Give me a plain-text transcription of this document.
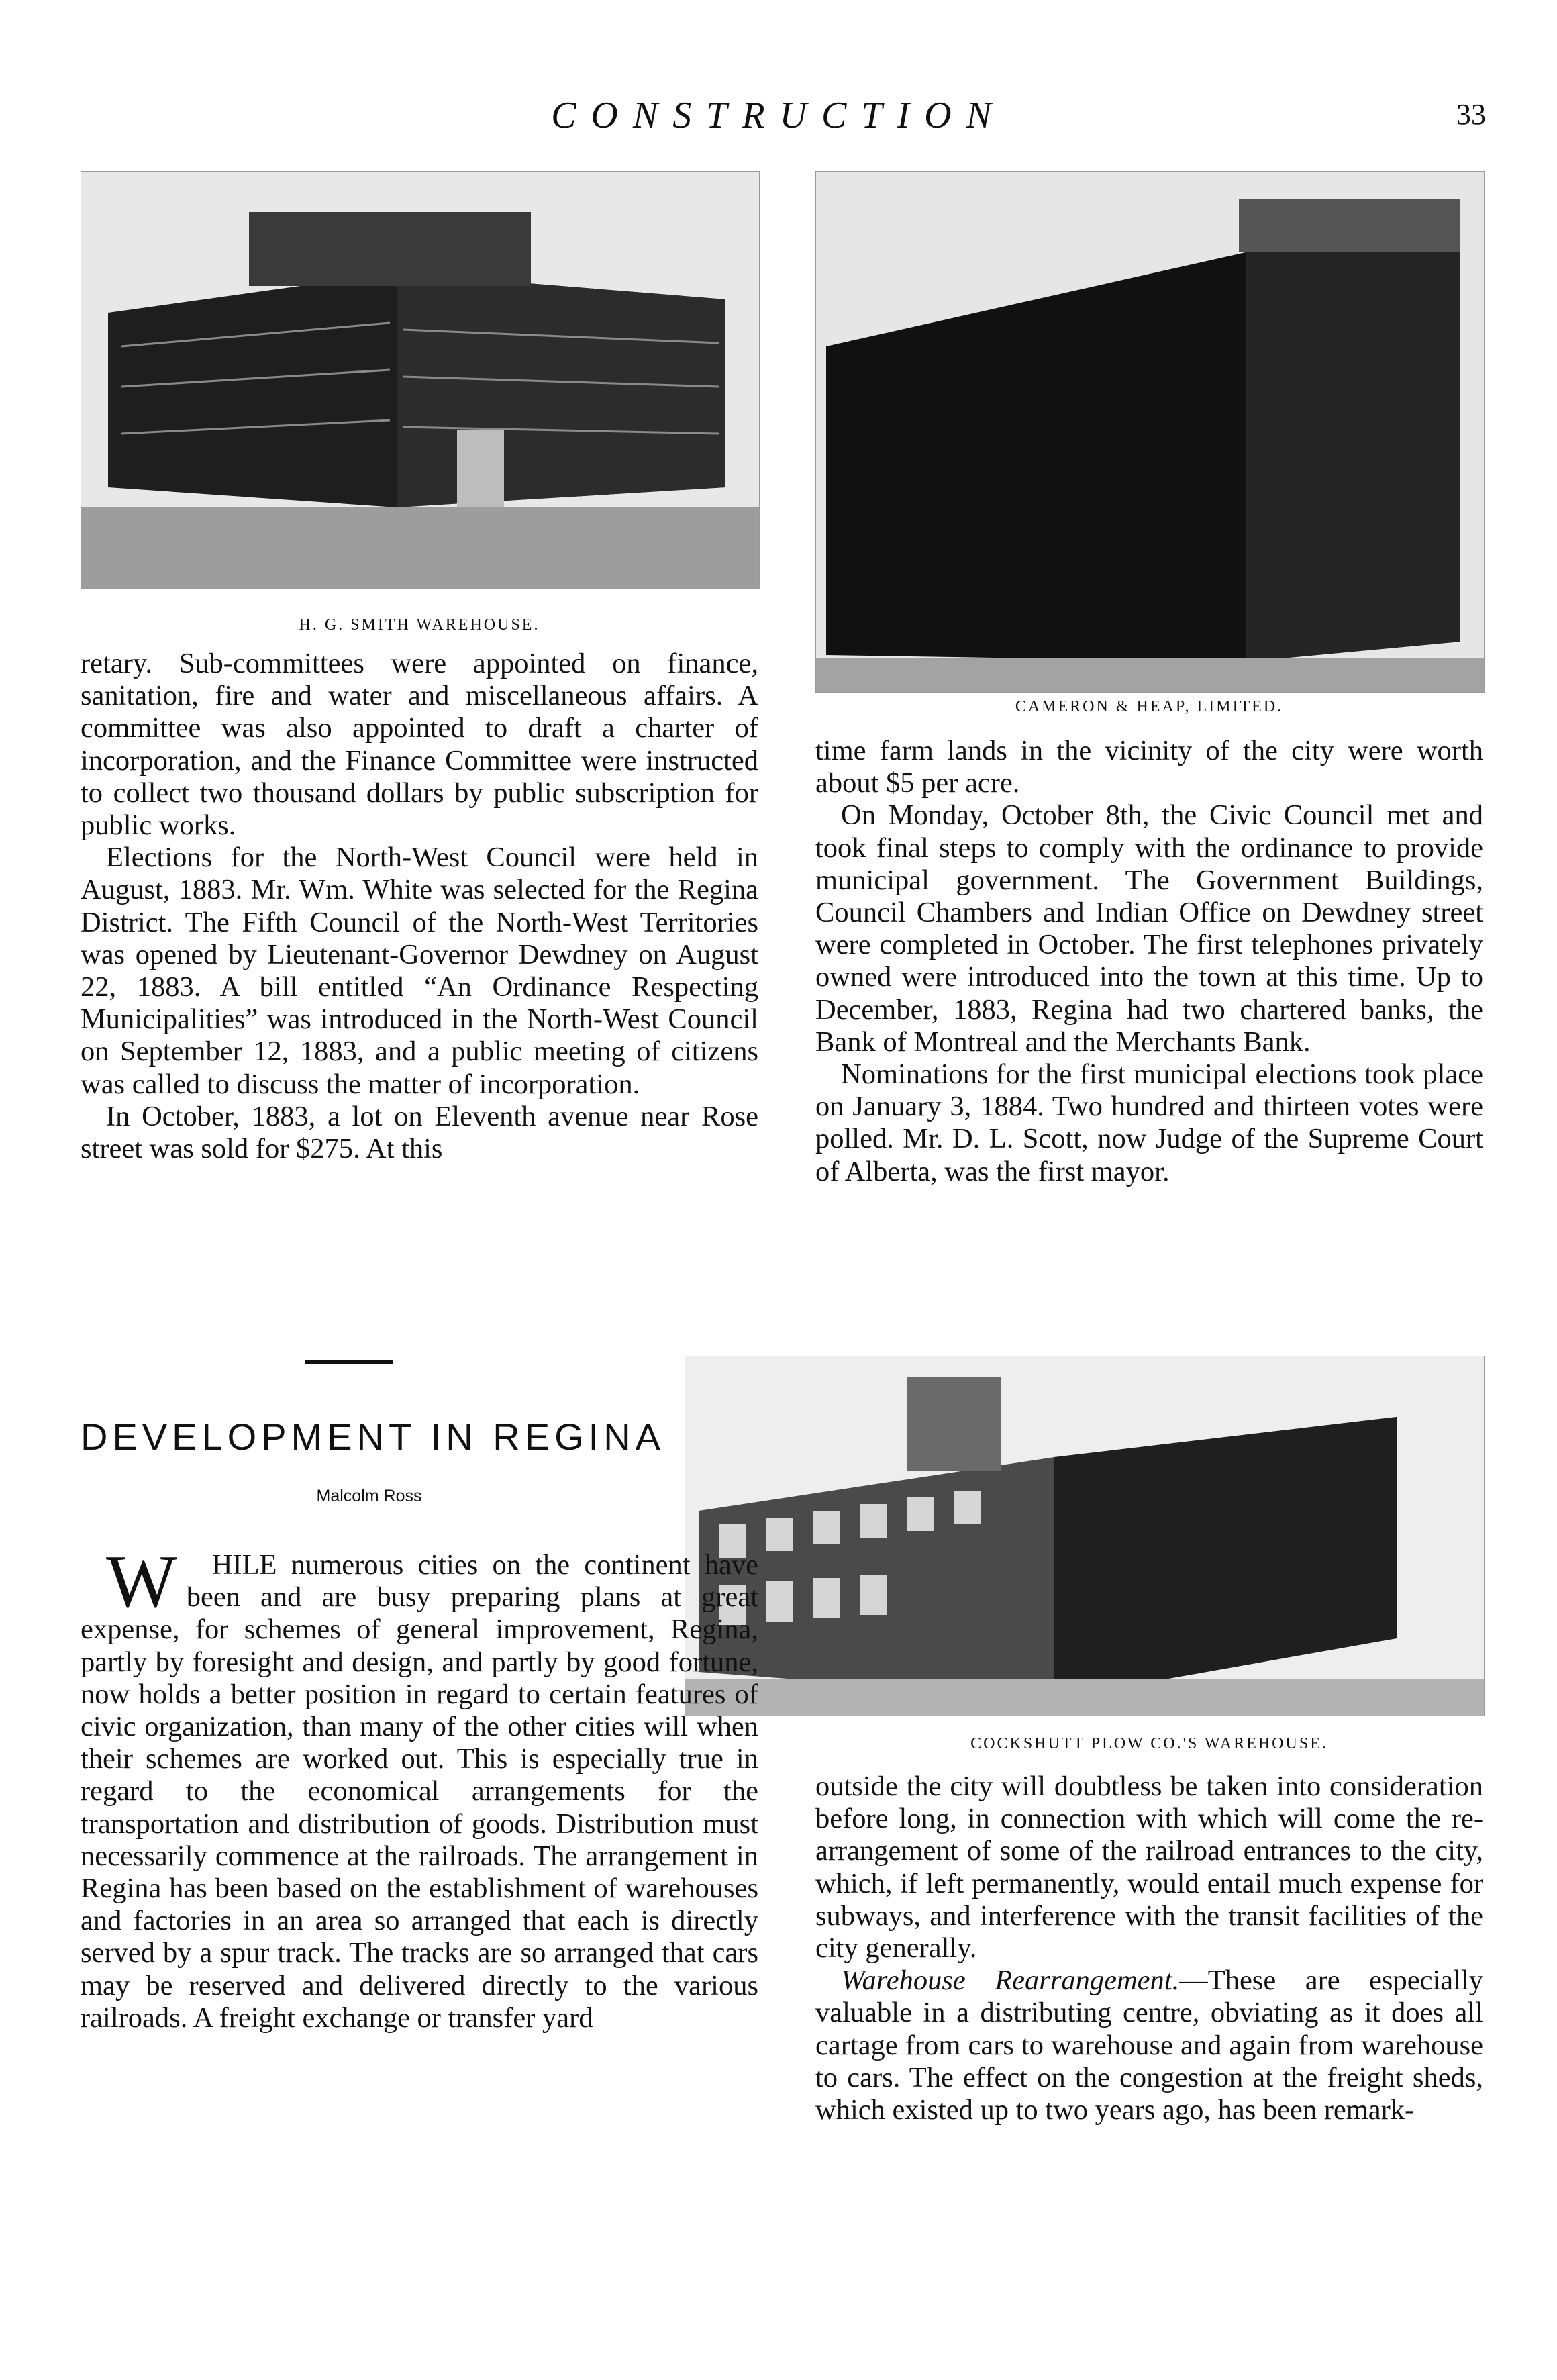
CONSTRUCTION	33
H. G. SMITH WAREHOUSE.
CAMERON & HEAP, LIMITED.

retary. Sub-committees were appointed on finance, sanitation, fire and water and miscellaneous affairs. A committee was also appointed to draft a charter of incorporation, and the Finance Committee were instructed to collect two thousand dollars by public subscription for public works.

Elections for the North-West Council were held in August, 1883. Mr. Wm. White was selected for the Regina District. The Fifth Council of the North-West Territories was opened by Lieutenant-Governor Dewdney on August 22, 1883. A bill entitled “An Ordinance Respecting Municipalities” was introduced in the North-West Council on September 12, 1883, and a public meeting of citizens was called to discuss the matter of incorporation.

In October, 1883, a lot on Eleventh avenue near Rose street was sold for $275. At this

time farm lands in the vicinity of the city were worth about $5 per acre.

On Monday, October 8th, the Civic Council met and took final steps to comply with the ordinance to provide municipal government. The Government Buildings, Council Chambers and Indian Office on Dewdney street were completed in October. The first telephones privately owned were introduced into the town at this time. Up to December, 1883, Regina had two chartered banks, the Bank of Montreal and the Merchants Bank.

Nominations for the first municipal elections took place on January 3, 1884. Two hundred and thirteen votes were polled. Mr. D. L. Scott, now Judge of the Supreme Court of Alberta, was the first mayor.

DEVELOPMENT IN REGINA
Malcolm Ross
COCKSHUTT PLOW CO.'S WAREHOUSE.

W HILE numerous cities on the continent have been and are busy preparing plans at great expense, for schemes of general improvement, Regina, partly by foresight and design, and partly by good fortune, now holds a better position in regard to certain features of civic organization, than many of the other cities will when their schemes are worked out. This is especially true in regard to the economical arrangements for the transportation and distribution of goods. Distribution must necessarily commence at the railroads. The arrangement in Regina has been based on the establishment of warehouses and factories in an area so arranged that each is directly served by a spur track. The tracks are so arranged that cars may be reserved and delivered directly to the various railroads. A freight exchange or transfer yard

outside the city will doubtless be taken into consideration before long, in connection with which will come the re-arrangement of some of the railroad entrances to the city, which, if left permanently, would entail much expense for subways, and interference with the transit facilities of the city generally.

Warehouse Rearrangement.—These are especially valuable in a distributing centre, obviating as it does all cartage from cars to warehouse and again from warehouse to cars. The effect on the congestion at the freight sheds, which existed up to two years ago, has been remark-
